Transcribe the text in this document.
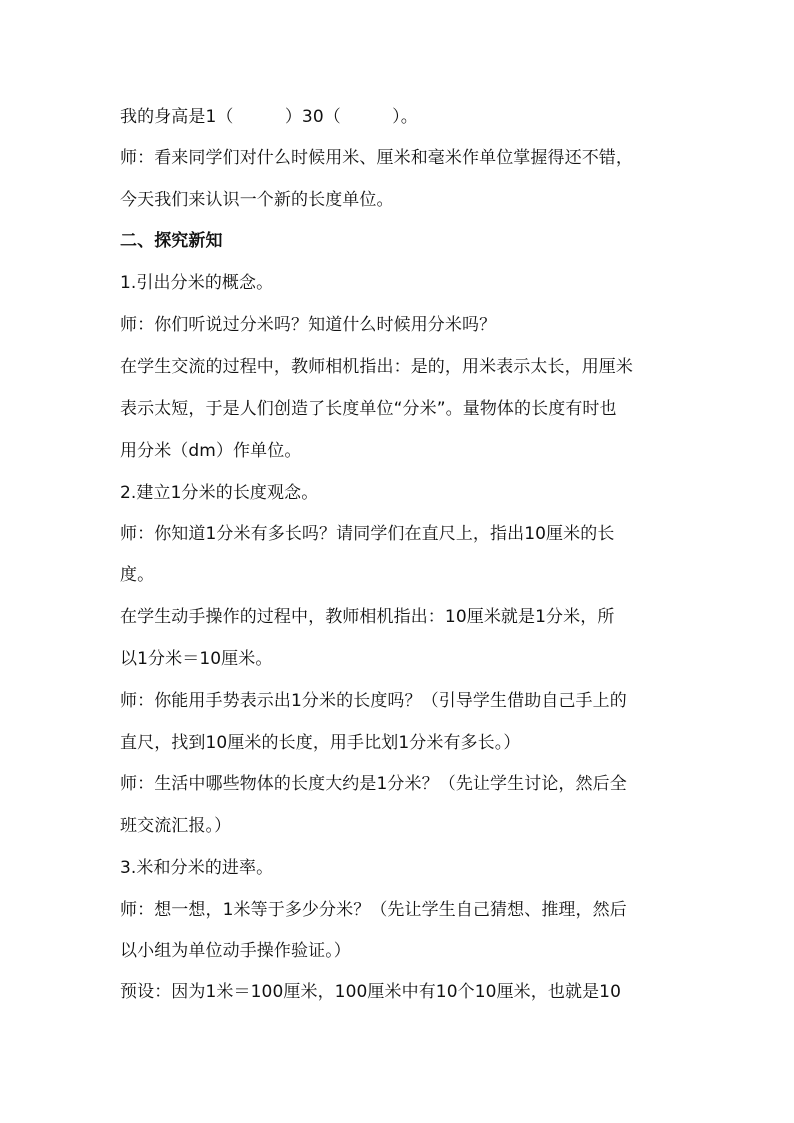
我的身高是1（　　　）30（　　　）。
师：看来同学们对什么时候用米、厘米和毫米作单位掌握得还不错，
今天我们来认识一个新的长度单位。
二、探究新知
1.引出分米的概念。
师：你们听说过分米吗？知道什么时候用分米吗？
在学生交流的过程中，教师相机指出：是的，用米表示太长，用厘米
表示太短，于是人们创造了长度单位“分米”。量物体的长度有时也
用分米（dm）作单位。
2.建立1分米的长度观念。
师：你知道1分米有多长吗？请同学们在直尺上，指出10厘米的长
度。
在学生动手操作的过程中，教师相机指出：10厘米就是1分米，所
以1分米＝10厘米。
师：你能用手势表示出1分米的长度吗？（引导学生借助自己手上的
直尺，找到10厘米的长度，用手比划1分米有多长。）
师：生活中哪些物体的长度大约是1分米？（先让学生讨论，然后全
班交流汇报。）
3.米和分米的进率。
师：想一想，1米等于多少分米？（先让学生自己猜想、推理，然后
以小组为单位动手操作验证。）
预设：因为1米＝100厘米，100厘米中有10个10厘米，也就是10
